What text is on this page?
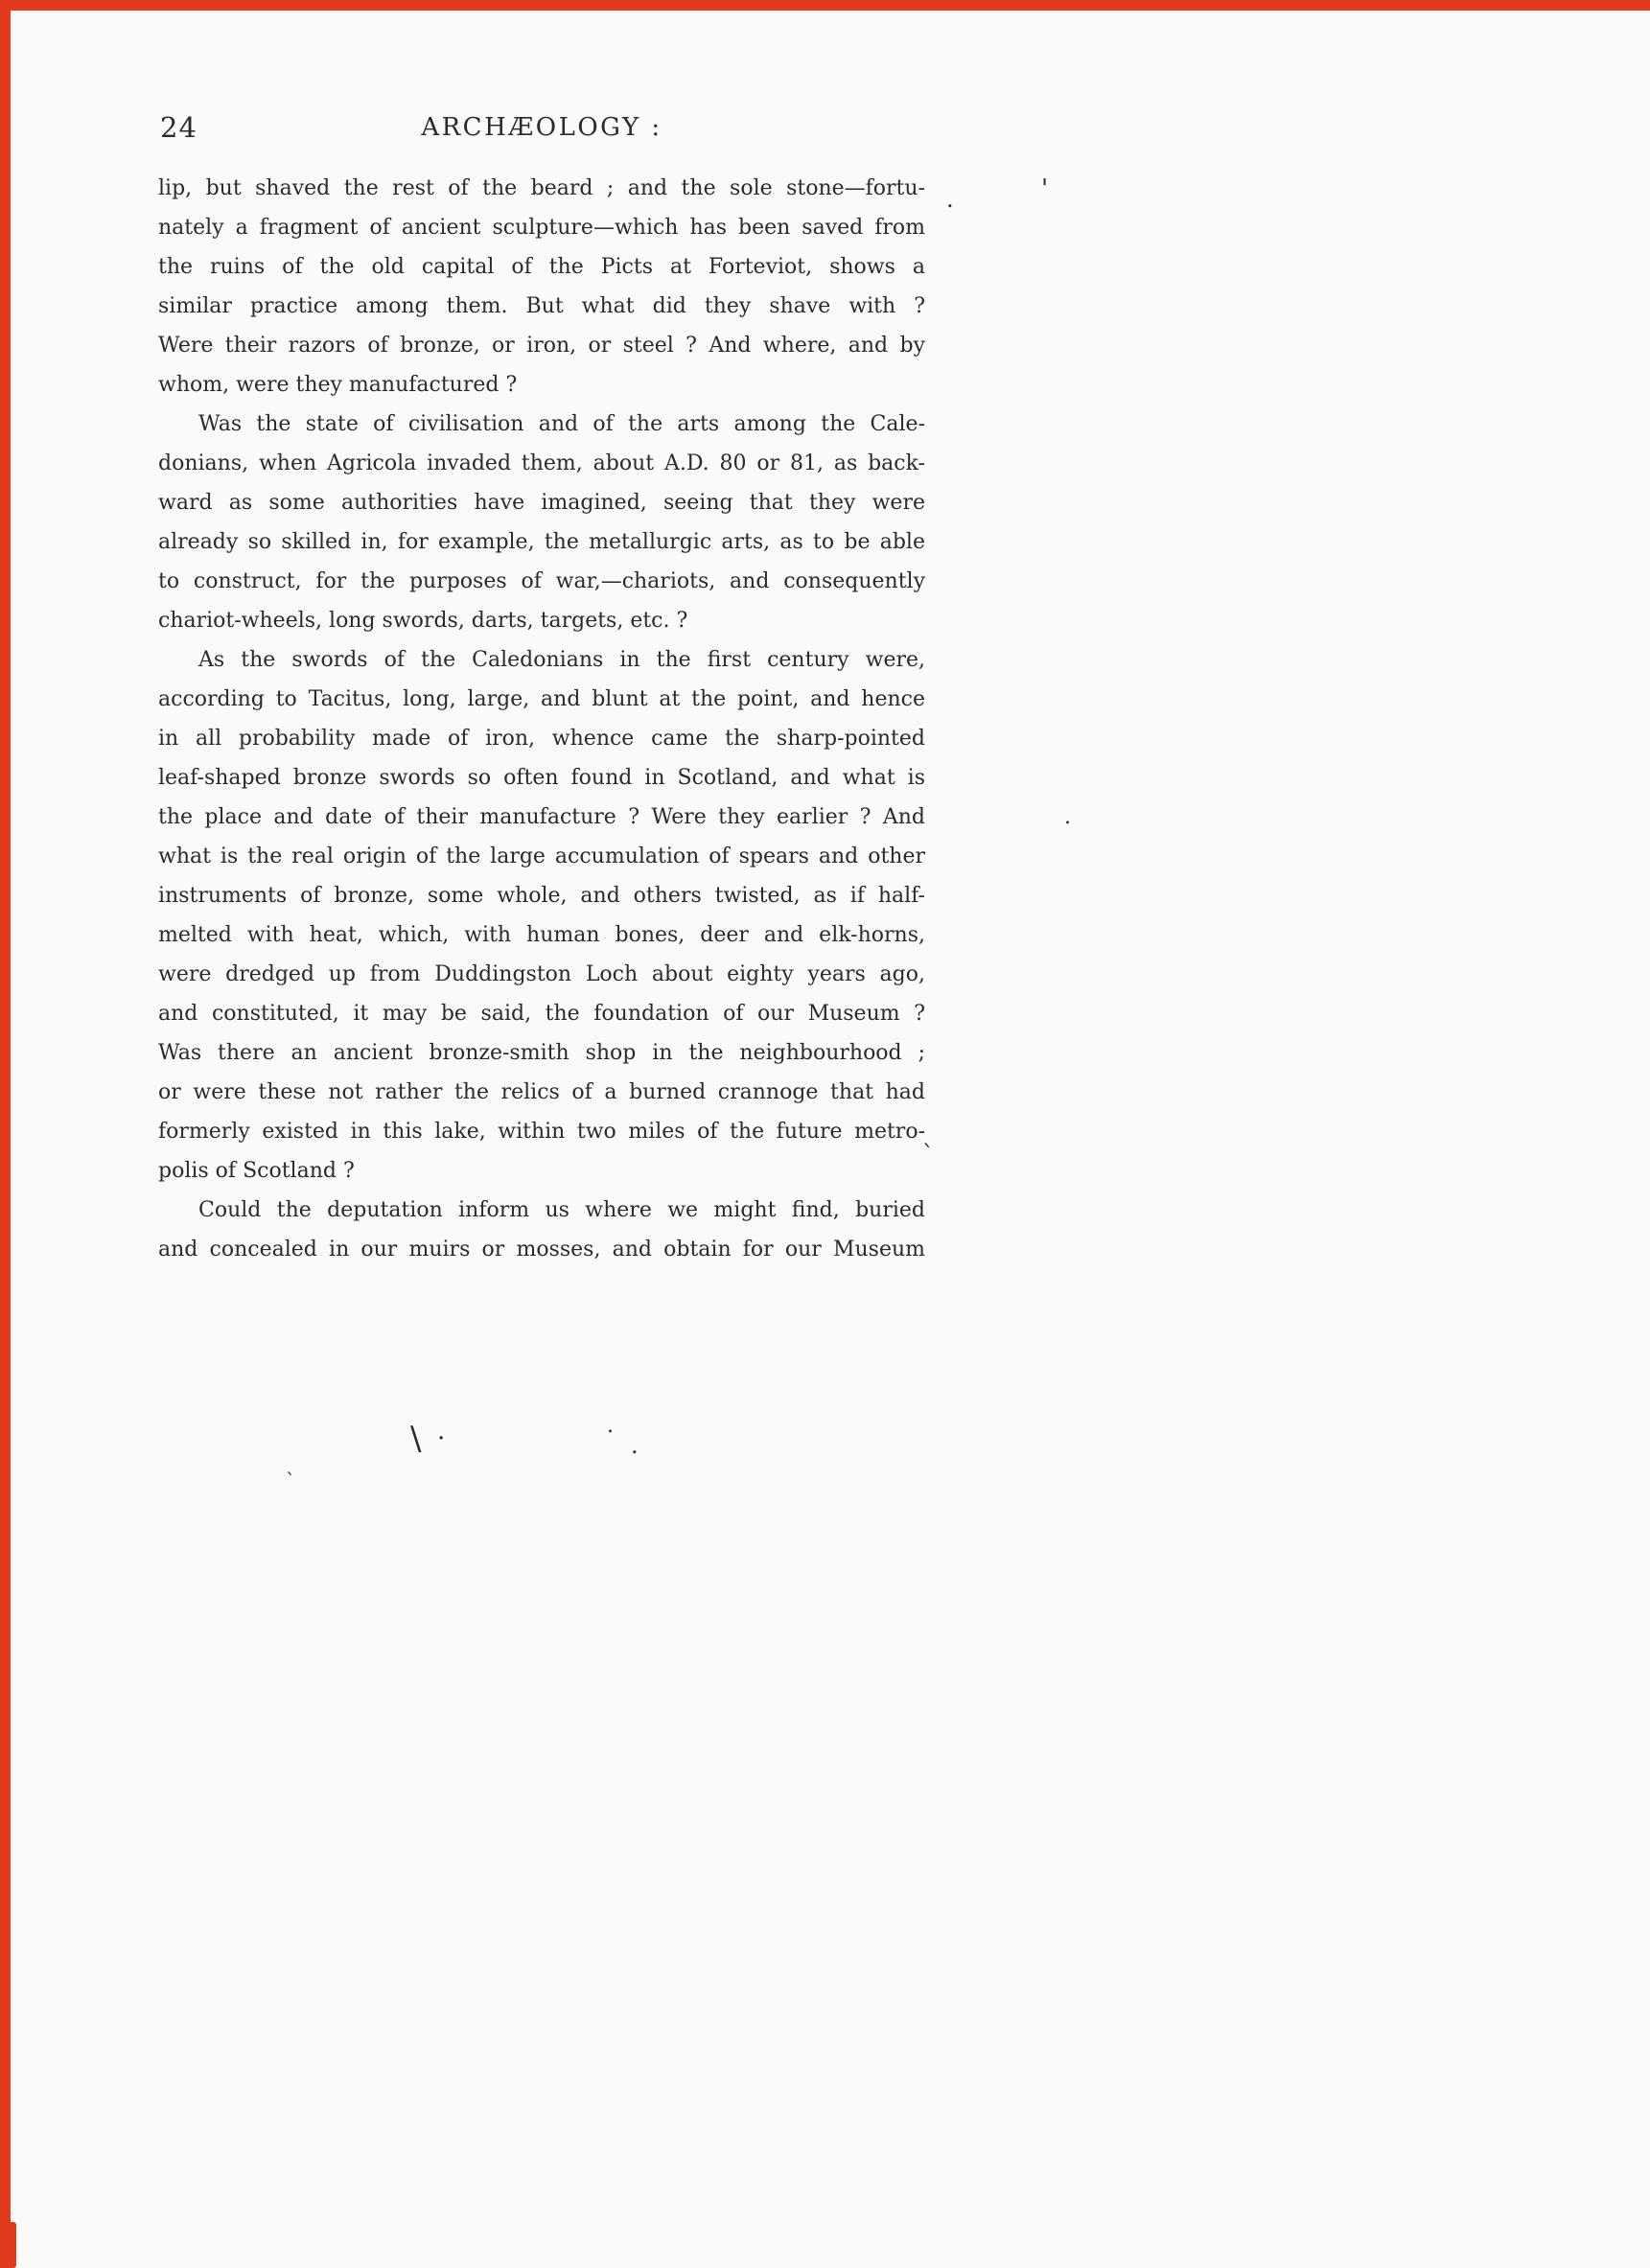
24	ARCHÆOLOGY :
lip, but shaved the rest of the beard ; and the sole stone—fortu-
nately a fragment of ancient sculpture—which has been saved from
the ruins of the old capital of the Picts at Forteviot, shows a
similar practice among them. But what did they shave with ?
Were their razors of bronze, or iron, or steel ? And where, and by
whom, were they manufactured ?
Was the state of civilisation and of the arts among the Cale-
donians, when Agricola invaded them, about A.D. 80 or 81, as back-
ward as some authorities have imagined, seeing that they were
already so skilled in, for example, the metallurgic arts, as to be able
to construct, for the purposes of war,—chariots, and consequently
chariot-wheels, long swords, darts, targets, etc. ?
As the swords of the Caledonians in the first century were,
according to Tacitus, long, large, and blunt at the point, and hence
in all probability made of iron, whence came the sharp-pointed
leaf-shaped bronze swords so often found in Scotland, and what is
the place and date of their manufacture ? Were they earlier ? And
what is the real origin of the large accumulation of spears and other
instruments of bronze, some whole, and others twisted, as if half-
melted with heat, which, with human bones, deer and elk-horns,
were dredged up from Duddingston Loch about eighty years ago,
and constituted, it may be said, the foundation of our Museum ?
Was there an ancient bronze-smith shop in the neighbourhood ;
or were these not rather the relics of a burned crannoge that had
formerly existed in this lake, within two miles of the future metro-
polis of Scotland ?
Could the deputation inform us where we might find, buried
and concealed in our muirs or mosses, and obtain for our Museum
'
.
.
`
\ .	.
.
`
